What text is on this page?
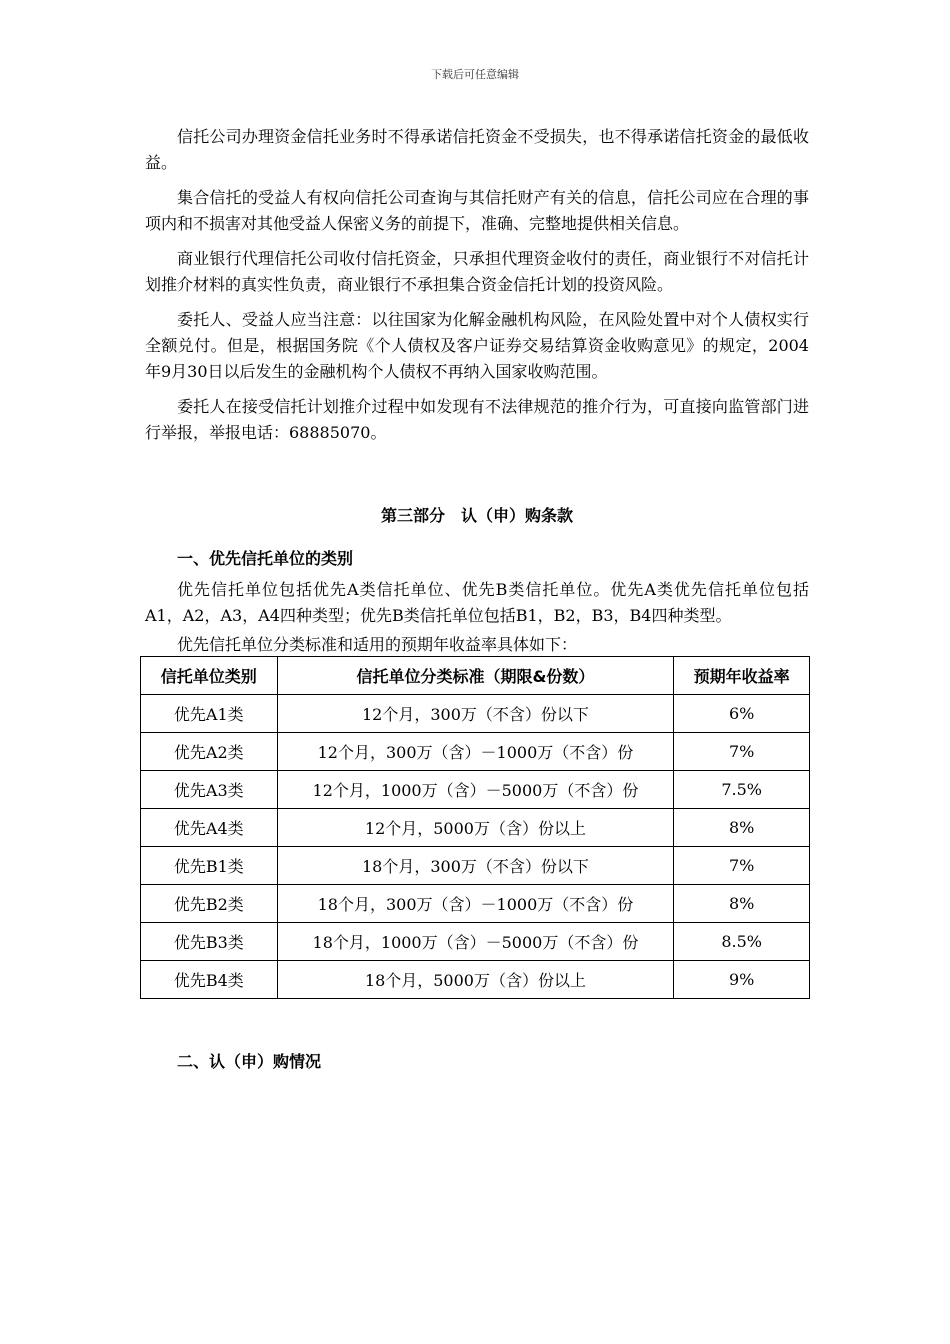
下载后可任意编辑

信托公司办理资金信托业务时不得承诺信托资金不受损失，也不得承诺信托资金的最低收益。

集合信托的受益人有权向信托公司查询与其信托财产有关的信息，信托公司应在合理的事项内和不损害对其他受益人保密义务的前提下，准确、完整地提供相关信息。

商业银行代理信托公司收付信托资金，只承担代理资金收付的责任，商业银行不对信托计划推介材料的真实性负责，商业银行不承担集合资金信托计划的投资风险。

委托人、受益人应当注意：以往国家为化解金融机构风险，在风险处置中对个人债权实行全额兑付。但是，根据国务院《个人债权及客户证券交易结算资金收购意见》的规定，2004年9月30日以后发生的金融机构个人债权不再纳入国家收购范围。

委托人在接受信托计划推介过程中如发现有不法律规范的推介行为，可直接向监管部门进行举报，举报电话：68885070。

第三部分　认（申）购条款

一、优先信托单位的类别

优先信托单位包括优先A类信托单位、优先B类信托单位。优先A类优先信托单位包括A1，A2，A3，A4四种类型；优先B类信托单位包括B1，B2，B3，B4四种类型。

优先信托单位分类标准和适用的预期年收益率具体如下：

信托单位类别	信托单位分类标准（期限&份数）	预期年收益率
优先A1类	12个月，300万（不含）份以下	6%
优先A2类	12个月，300万（含）－1000万（不含）份	7%
优先A3类	12个月，1000万（含）－5000万（不含）份	7.5%
优先A4类	12个月，5000万（含）份以上	8%
优先B1类	18个月，300万（不含）份以下	7%
优先B2类	18个月，300万（含）－1000万（不含）份	8%
优先B3类	18个月，1000万（含）－5000万（不含）份	8.5%
优先B4类	18个月，5000万（含）份以上	9%

二、认（申）购情况
